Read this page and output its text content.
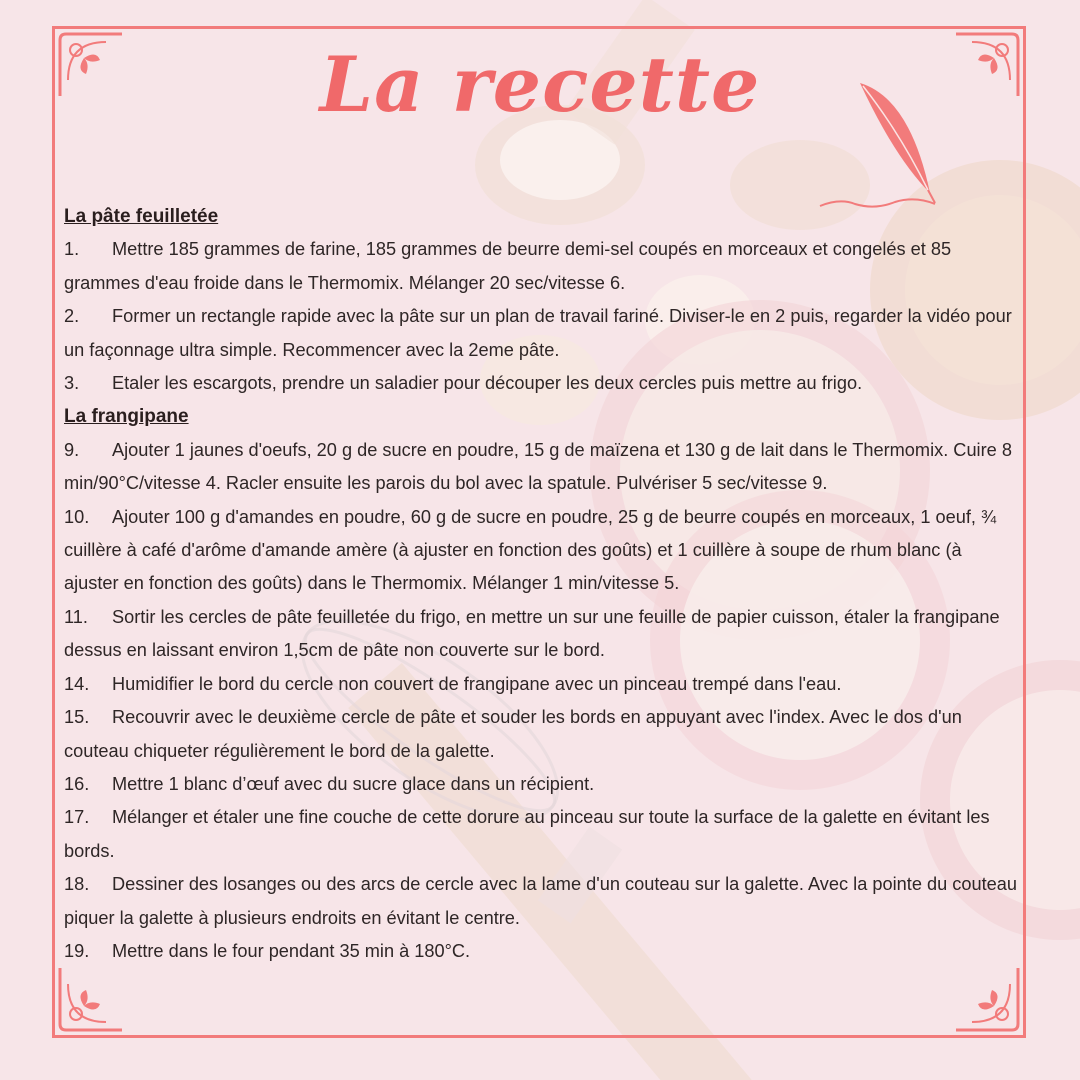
La recette
La pâte feuilletée

1. Mettre 185 grammes de farine, 185 grammes de beurre demi-sel coupés en morceaux et congelés et 85 grammes d'eau froide dans le Thermomix. Mélanger 20 sec/vitesse 6.

2. Former un rectangle rapide avec la pâte sur un plan de travail fariné. Diviser-le en 2 puis, regarder la vidéo pour un façonnage ultra simple. Recommencer avec la 2eme pâte.

3. Etaler les escargots, prendre un saladier pour découper les deux cercles puis mettre au frigo.

La frangipane

9. Ajouter 1 jaunes d'oeufs, 20 g de sucre en poudre, 15 g de maïzena et 130 g de lait dans le Thermomix. Cuire 8 min/90°C/vitesse 4. Racler ensuite les parois du bol avec la spatule. Pulvériser 5 sec/vitesse 9.

10. Ajouter 100 g d'amandes en poudre, 60 g de sucre en poudre, 25 g de beurre coupés en morceaux, 1 oeuf, ¾ cuillère à café d'arôme d'amande amère (à ajuster en fonction des goûts) et 1 cuillère à soupe de rhum blanc (à ajuster en fonction des goûts) dans le Thermomix. Mélanger 1 min/vitesse 5.

11. Sortir les cercles de pâte feuilletée du frigo, en mettre un sur une feuille de papier cuisson, étaler la frangipane dessus en laissant environ 1,5cm de pâte non couverte sur le bord.

14. Humidifier le bord du cercle non couvert de frangipane avec un pinceau trempé dans l'eau.

15. Recouvrir avec le deuxième cercle de pâte et souder les bords en appuyant avec l'index. Avec le dos d'un couteau chiqueter régulièrement le bord de la galette.

16. Mettre 1 blanc d’œuf avec du sucre glace dans un récipient.

17. Mélanger et étaler une fine couche de cette dorure au pinceau sur toute la surface de la galette en évitant les bords.

18. Dessiner des losanges ou des arcs de cercle avec la lame d'un couteau sur la galette. Avec la pointe du couteau piquer la galette à plusieurs endroits en évitant le centre.

19. Mettre dans le four pendant 35 min à 180°C.
